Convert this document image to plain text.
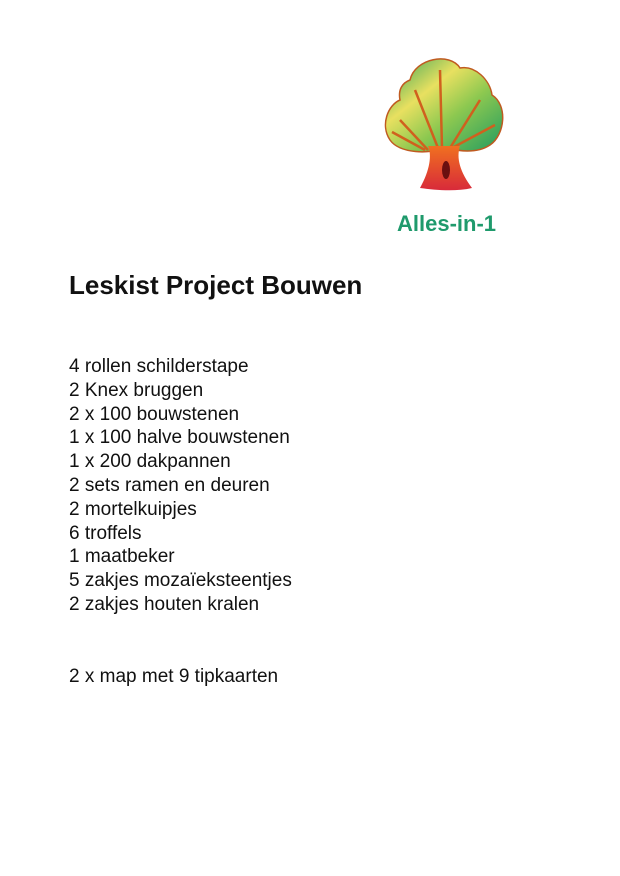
Alles-in-1
Leskist Project Bouwen
4 rollen schilderstape
2 Knex bruggen
2 x 100 bouwstenen
1 x 100 halve bouwstenen
1 x 200 dakpannen
2 sets ramen en deuren
2 mortelkuipjes
6 troffels
1 maatbeker
5 zakjes mozaïeksteentjes
2 zakjes houten kralen
2 x map met 9 tipkaarten
